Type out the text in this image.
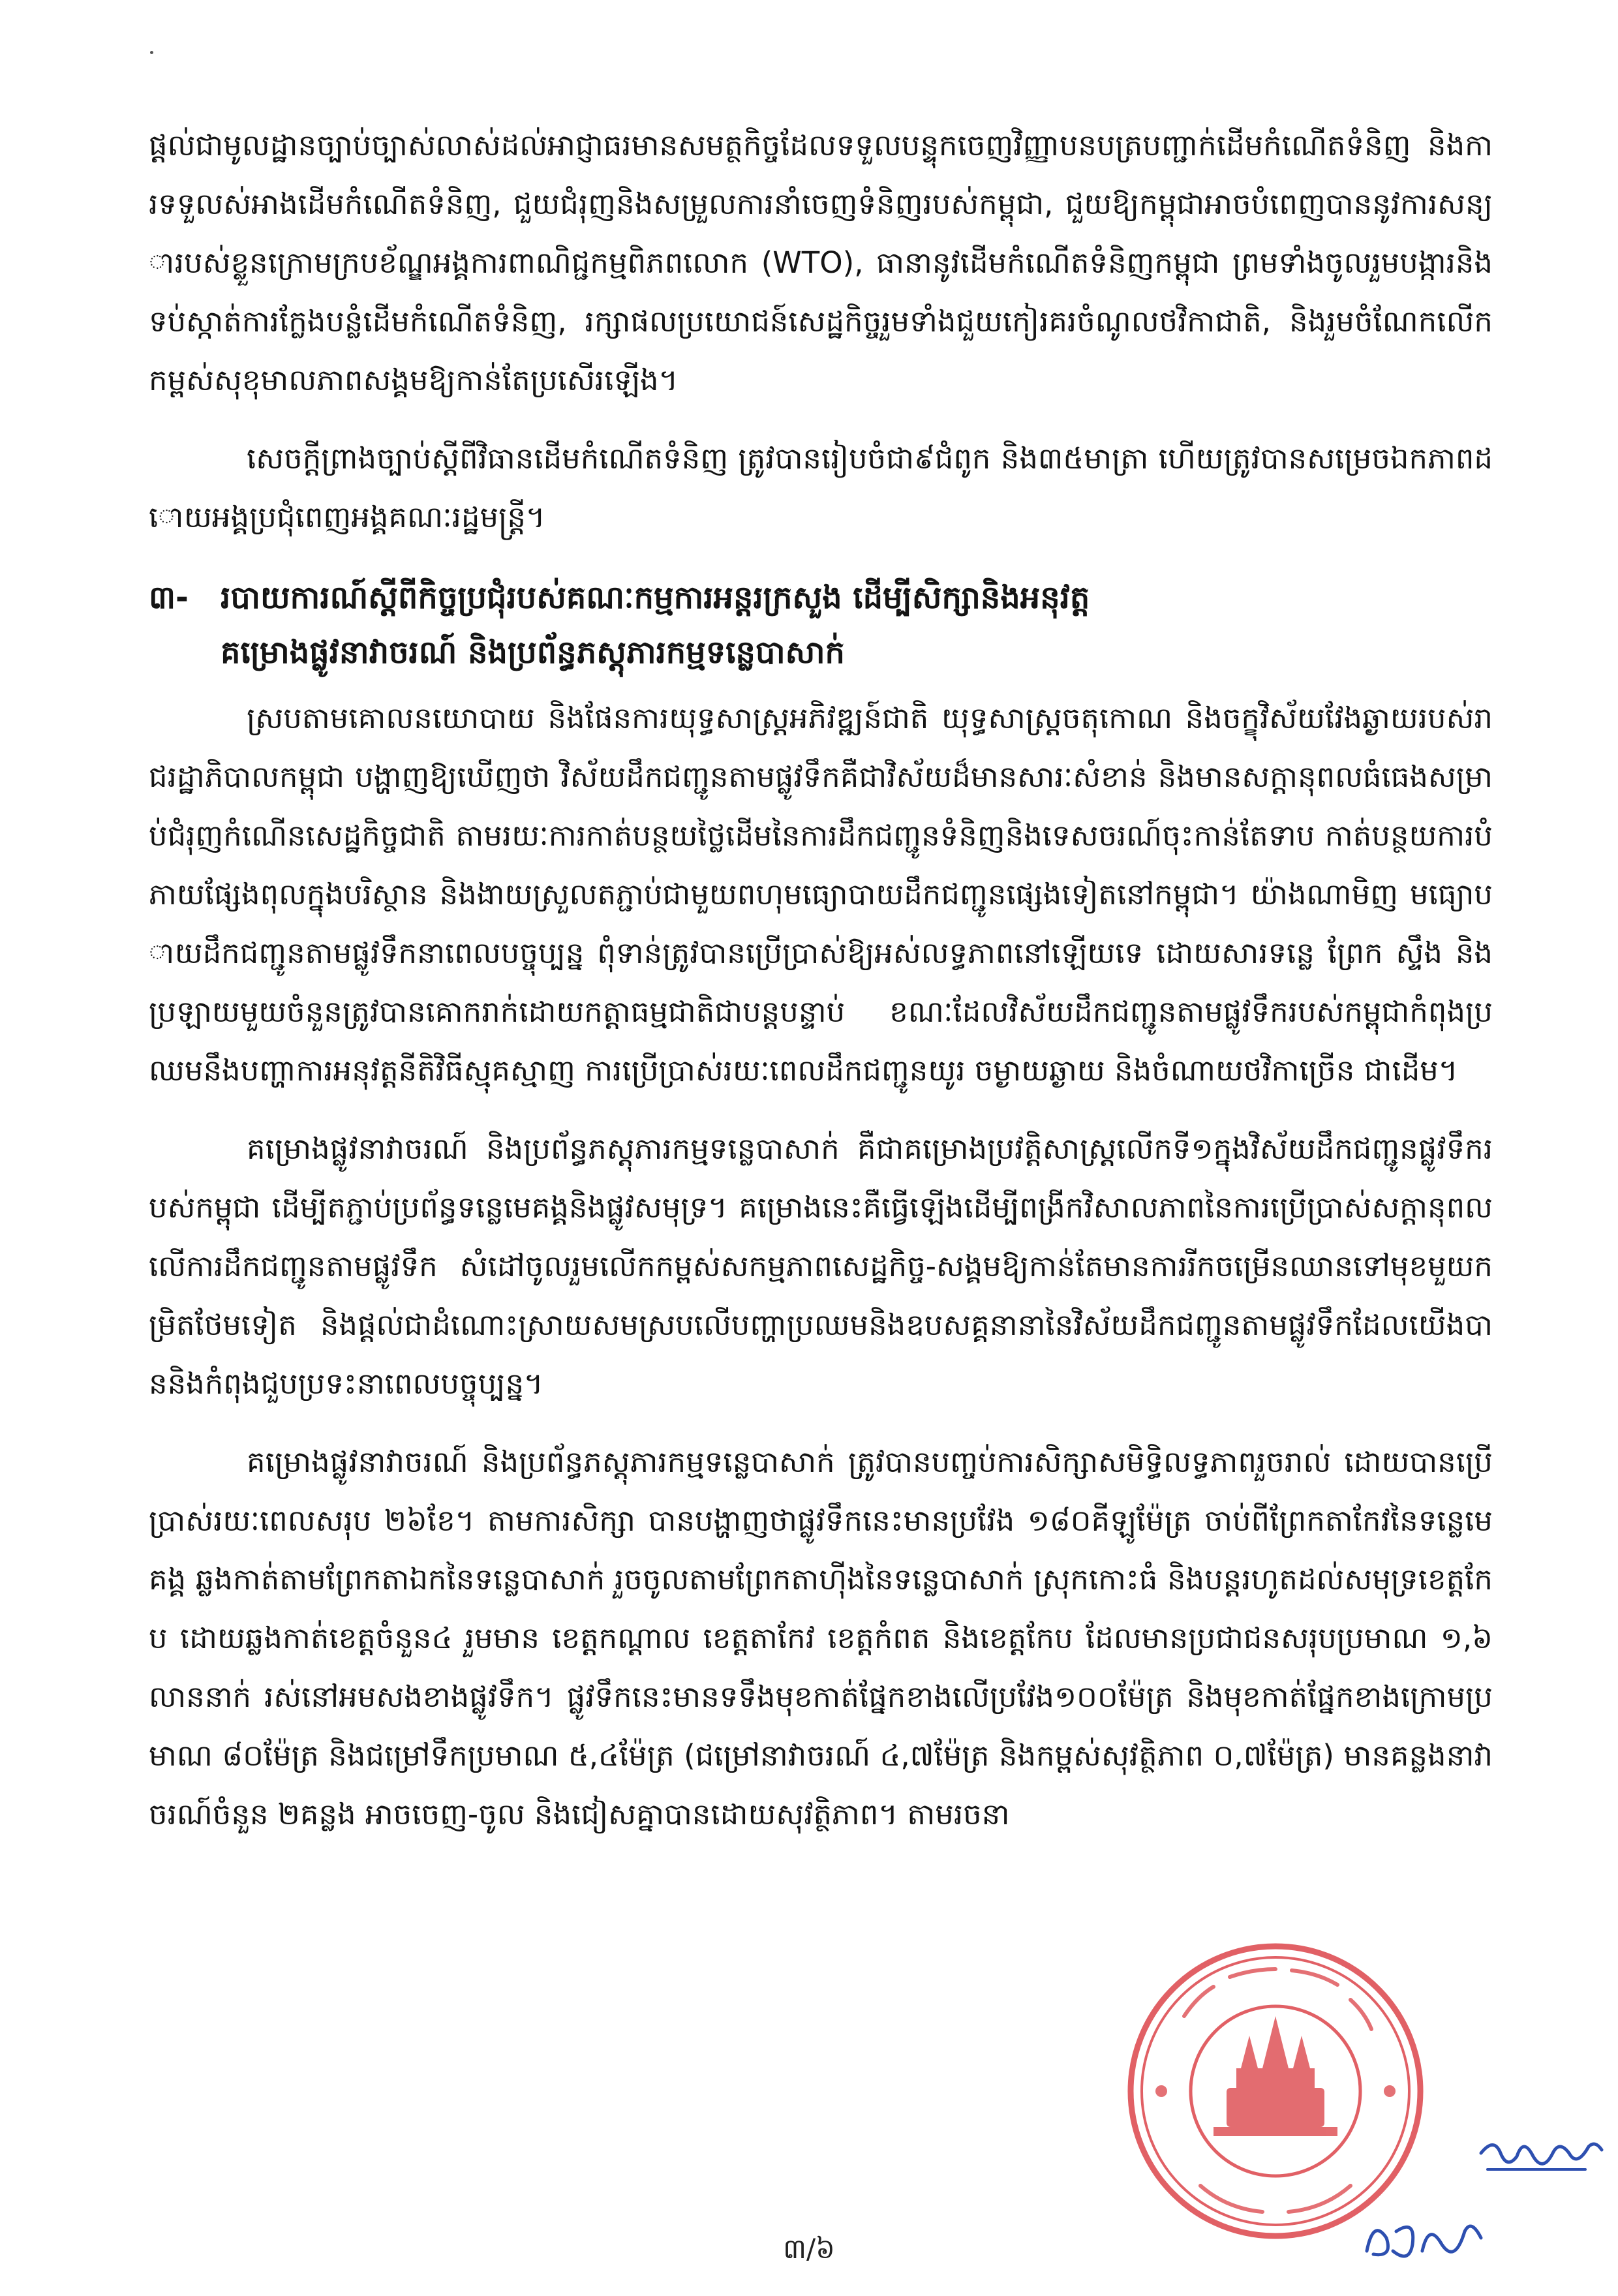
ផ្តល់ជាមូលដ្ឋានច្បាប់ច្បាស់លាស់ដល់អាជ្ញាធរមានសមត្ថកិច្ចដែលទទួលបន្ទុកចេញវិញ្ញាបនបត្របញ្ជាក់ដើមកំណើតទំនិញ និងការទទួលស់អាងដើមកំណើតទំនិញ, ជួយជំរុញនិងសម្រួលការនាំចេញទំនិញរបស់កម្ពុជា, ជួយឱ្យកម្ពុជាអាចបំពេញបាននូវការសន្យារបស់ខ្លួនក្រោមក្របខ័ណ្ឌអង្គការពាណិជ្ជកម្មពិភពលោក (WTO), ធានានូវដើមកំណើតទំនិញកម្ពុជា ព្រមទាំងចូលរួមបង្ការនិងទប់ស្កាត់ការក្លែងបន្លំដើមកំណើតទំនិញ, រក្សាផលប្រយោជន៍សេដ្ឋកិច្ចរួមទាំងជួយកៀរគរចំណូលថវិកាជាតិ, និងរួមចំណែកលើកកម្ពស់សុខុមាលភាពសង្គមឱ្យកាន់តែប្រសើរឡើង។

សេចក្តីព្រាងច្បាប់ស្តីពីវិធានដើមកំណើតទំនិញ ត្រូវបានរៀបចំជា៩ជំពូក និង៣៥មាត្រា ហើយត្រូវបានសម្រេចឯកភាពដោយអង្គប្រជុំពេញអង្គគណៈរដ្ឋមន្ត្រី។

៣- របាយការណ៍ស្តីពីកិច្ចប្រជុំរបស់គណៈកម្មការអន្តរក្រសួង ដើម្បីសិក្សានិងអនុវត្ត
គម្រោងផ្លូវនាវាចរណ៍ និងប្រព័ន្ធភស្តុភារកម្មទន្លេបាសាក់

ស្របតាមគោលនយោបាយ និងផែនការយុទ្ធសាស្ត្រអភិវឌ្ឍន៍ជាតិ យុទ្ធសាស្ត្រចតុកោណ និងចក្ខុវិស័យវែងឆ្ងាយរបស់រាជរដ្ឋាភិបាលកម្ពុជា បង្ហាញឱ្យឃើញថា វិស័យដឹកជញ្ជូនតាមផ្លូវទឹកគឺជាវិស័យដ៏មានសារៈសំខាន់ និងមានសក្តានុពលធំធេងសម្រាប់ជំរុញកំណើនសេដ្ឋកិច្ចជាតិ តាមរយៈការកាត់បន្ថយថ្លៃដើមនៃការដឹកជញ្ជូនទំនិញនិងទេសចរណ៍ចុះកាន់តែទាប កាត់បន្ថយការបំភាយផ្សែងពុលក្នុងបរិស្ថាន និងងាយស្រួលតភ្ជាប់ជាមួយពហុមធ្យោបាយដឹកជញ្ជូនផ្សេងទៀតនៅកម្ពុជា។ យ៉ាងណាមិញ មធ្យោបាយដឹកជញ្ជូនតាមផ្លូវទឹកនាពេលបច្ចុប្បន្ន ពុំទាន់ត្រូវបានប្រើប្រាស់ឱ្យអស់លទ្ធភាពនៅឡើយទេ ដោយសារទន្លេ ព្រែក ស្ទឹង និងប្រឡាយមួយចំនួនត្រូវបានគោករាក់ដោយកត្តាធម្មជាតិជាបន្តបន្ទាប់ ខណៈដែលវិស័យដឹកជញ្ជូនតាមផ្លូវទឹករបស់កម្ពុជាកំពុងប្រឈមនឹងបញ្ហាការអនុវត្តនីតិវិធីស្មុគស្មាញ ការប្រើប្រាស់រយៈពេលដឹកជញ្ជូនយូរ ចម្ងាយឆ្ងាយ និងចំណាយថវិកាច្រើន ជាដើម។

គម្រោងផ្លូវនាវាចរណ៍ និងប្រព័ន្ធភស្តុភារកម្មទន្លេបាសាក់ គឺជាគម្រោងប្រវត្តិសាស្ត្រលើកទី១ក្នុងវិស័យដឹកជញ្ជូនផ្លូវទឹករបស់កម្ពុជា ដើម្បីតភ្ជាប់ប្រព័ន្ធទន្លេមេគង្គនិងផ្លូវសមុទ្រ។ គម្រោងនេះគឺធ្វើឡើងដើម្បីពង្រីកវិសាលភាពនៃការប្រើប្រាស់សក្តានុពលលើការដឹកជញ្ជូនតាមផ្លូវទឹក សំដៅចូលរួមលើកកម្ពស់សកម្មភាពសេដ្ឋកិច្ច-សង្គមឱ្យកាន់តែមានការរីកចម្រើនឈានទៅមុខមួយកម្រិតថែមទៀត និងផ្តល់ជាដំណោះស្រាយសមស្របលើបញ្ហាប្រឈមនិងឧបសគ្គនានានៃវិស័យដឹកជញ្ជូនតាមផ្លូវទឹកដែលយើងបាននិងកំពុងជួបប្រទះនាពេលបច្ចុប្បន្ន។

គម្រោងផ្លូវនាវាចរណ៍ និងប្រព័ន្ធភស្តុភារកម្មទន្លេបាសាក់ ត្រូវបានបញ្ចប់ការសិក្សាសមិទ្ធិលទ្ធភាពរួចរាល់ ដោយបានប្រើប្រាស់រយៈពេលសរុប ២៦ខែ។ តាមការសិក្សា បានបង្ហាញថាផ្លូវទឹកនេះមានប្រវែង ១៨០គីឡូម៉ែត្រ ចាប់ពីព្រែកតាកែវនៃទន្លេមេគង្គ ឆ្លងកាត់តាមព្រែកតាឯកនៃទន្លេបាសាក់ រួចចូលតាមព្រែកតាហ៊ីងនៃទន្លេបាសាក់ ស្រុកកោះធំ និងបន្តរហូតដល់សមុទ្រខេត្តកែប ដោយឆ្លងកាត់ខេត្តចំនួន៤ រួមមាន ខេត្តកណ្តាល ខេត្តតាកែវ ខេត្តកំពត និងខេត្តកែប ដែលមានប្រជាជនសរុបប្រមាណ ១,៦លាននាក់ រស់នៅអមសងខាងផ្លូវទឹក។ ផ្លូវទឹកនេះមានទទឹងមុខកាត់ផ្នែកខាងលើប្រវែង១០០ម៉ែត្រ និងមុខកាត់ផ្នែកខាងក្រោមប្រមាណ ៨០ម៉ែត្រ និងជម្រៅទឹកប្រមាណ ៥,៤ម៉ែត្រ (ជម្រៅនាវាចរណ៍ ៤,៧ម៉ែត្រ និងកម្ពស់សុវត្ថិភាព ០,៧ម៉ែត្រ) មានគន្លងនាវាចរណ៍ចំនួន ២គន្លង អាចចេញ-ចូល និងជៀសគ្នាបានដោយសុវត្ថិភាព។ តាមរចនា

៣/៦
